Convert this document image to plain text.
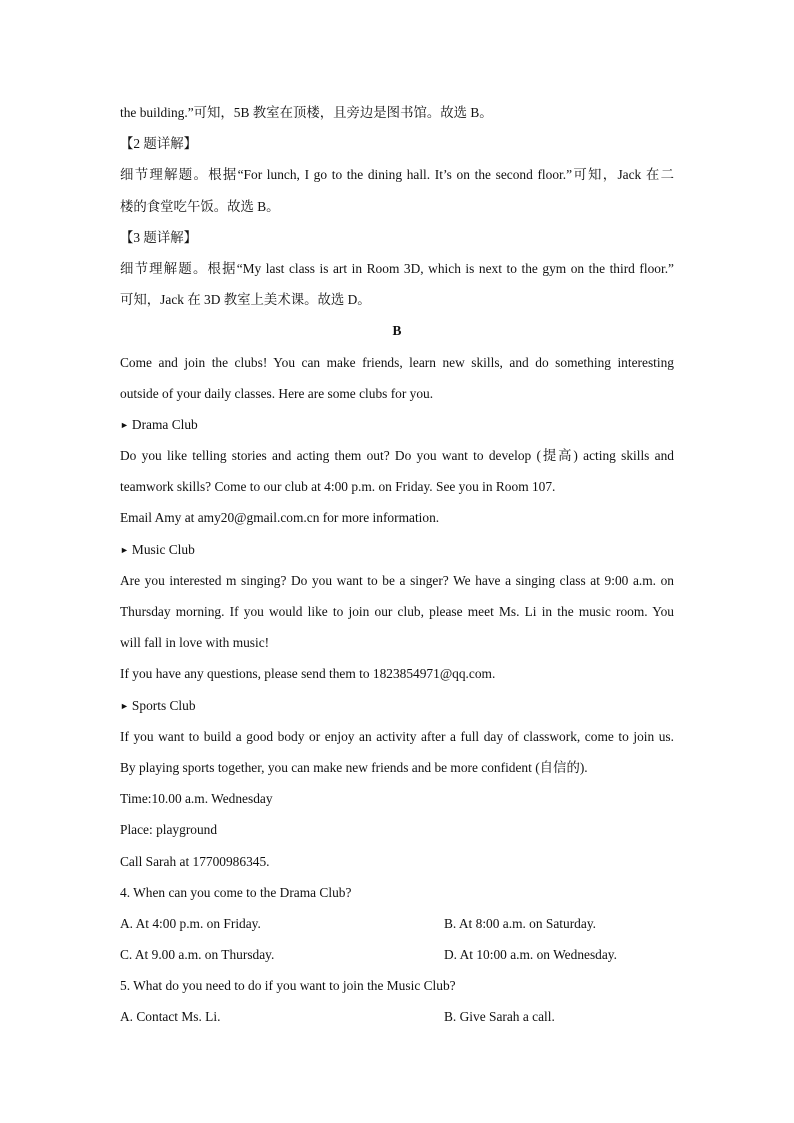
the building.”可知，5B 教室在顶楼，且旁边是图书馆。故选 B。
【2 题详解】
细节理解题。根据“For lunch, I go to the dining hall. It’s on the second floor.”可知，Jack 在二
楼的食堂吃午饭。故选 B。
【3 题详解】
细节理解题。根据“My last class is art in Room 3D, which is next to the gym on the third floor.”
可知，Jack 在 3D 教室上美术课。故选 D。
B
Come and join the clubs! You can make friends, learn new skills, and do something interesting
outside of your daily classes. Here are some clubs for you.
► Drama Club
Do you like telling stories and acting them out? Do you want to develop (提高) acting skills and
teamwork skills? Come to our club at 4:00 p.m. on Friday. See you in Room 107.
Email Amy at amy20@gmail.com.cn for more information.
► Music Club
Are you interested m singing? Do you want to be a singer? We have a singing class at 9:00 a.m. on
Thursday morning. If you would like to join our club, please meet Ms. Li in the music room. You
will fall in love with music!
If you have any questions, please send them to 1823854971@qq.com.
► Sports Club
If you want to build a good body or enjoy an activity after a full day of classwork, come to join us.
By playing sports together, you can make new friends and be more confident (自信的).
Time:10.00 a.m. Wednesday
Place: playground
Call Sarah at 17700986345.
4. When can you come to the Drama Club?
A. At 4:00 p.m. on Friday.	B. At 8:00 a.m. on Saturday.
C. At 9.00 a.m. on Thursday.	D. At 10:00 a.m. on Wednesday.
5. What do you need to do if you want to join the Music Club?
A. Contact Ms. Li.	B. Give Sarah a call.
